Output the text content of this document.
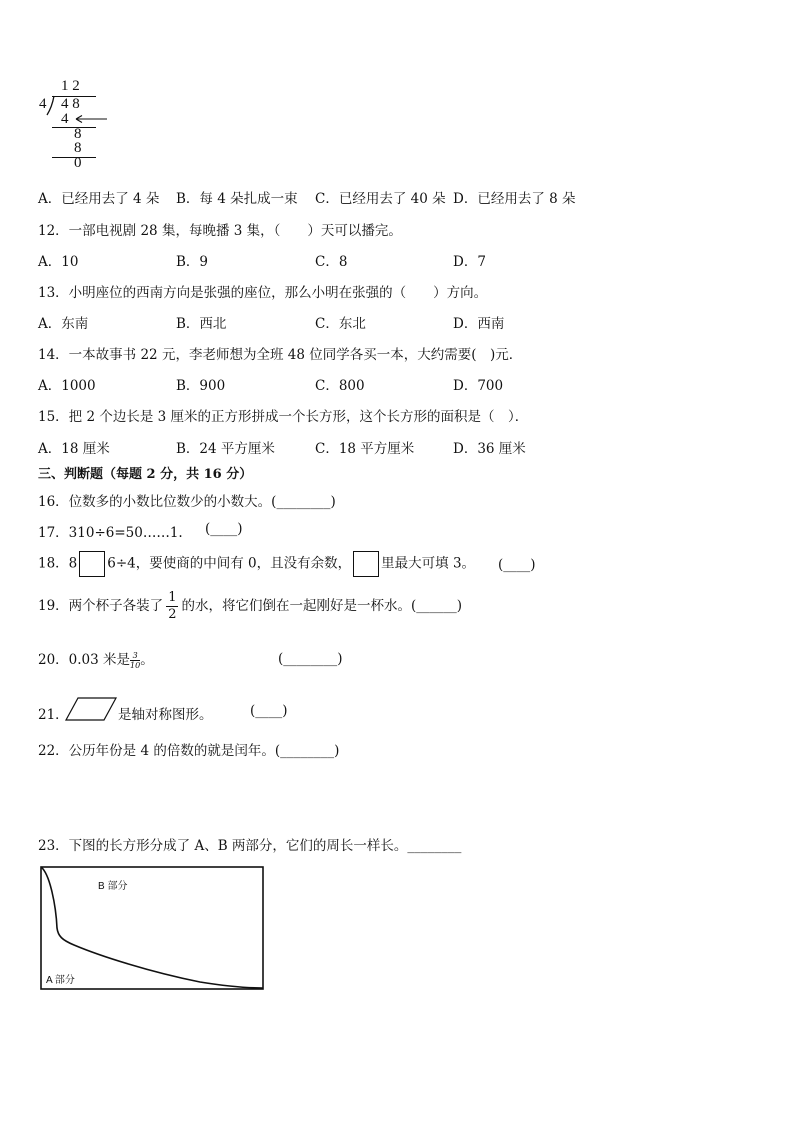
1 2
4 4 8
4
8
8
0
A．已经用去了 4 朵 B．每 4 朵扎成一束 C．已经用去了 40 朵 D．已经用去了 8 朵
12．一部电视剧 28 集，每晚播 3 集，（　　）天可以播完。
A．10	B．9	C．8	D．7
13．小明座位的西南方向是张强的座位，那么小明在张强的（　　）方向。
A．东南	B．西北	C．东北	D．西南
14．一本故事书 22 元，李老师想为全班 48 位同学各买一本，大约需要(　)元．
A．1000	B．900	C．800	D．700
15．把 2 个边长是 3 厘米的正方形拼成一个长方形，这个长方形的面积是（　）．
A．18 厘米	B．24 平方厘米	C．18 平方厘米	D．36 厘米
三、判断题（每题 2 分，共 16 分）
16．位数多的小数比位数少的小数大。(________)
17．310÷6=50……1. (____)
18．8 6÷4，要使商的中间有 0，且没有余数， 里最大可填 3。 (____)
19．两个杯子各装了 $\frac{1}{2}$ 的水，将它们倒在一起刚好是一杯水。(______)
20．0.03 米是 $\frac{3}{10}$ 。	(________)
21．	是轴对称图形。	(____)
22．公历年份是 4 的倍数的就是闰年。(________)
23．下图的长方形分成了 A、B 两部分，它们的周长一样长。________
B 部分
A 部分
